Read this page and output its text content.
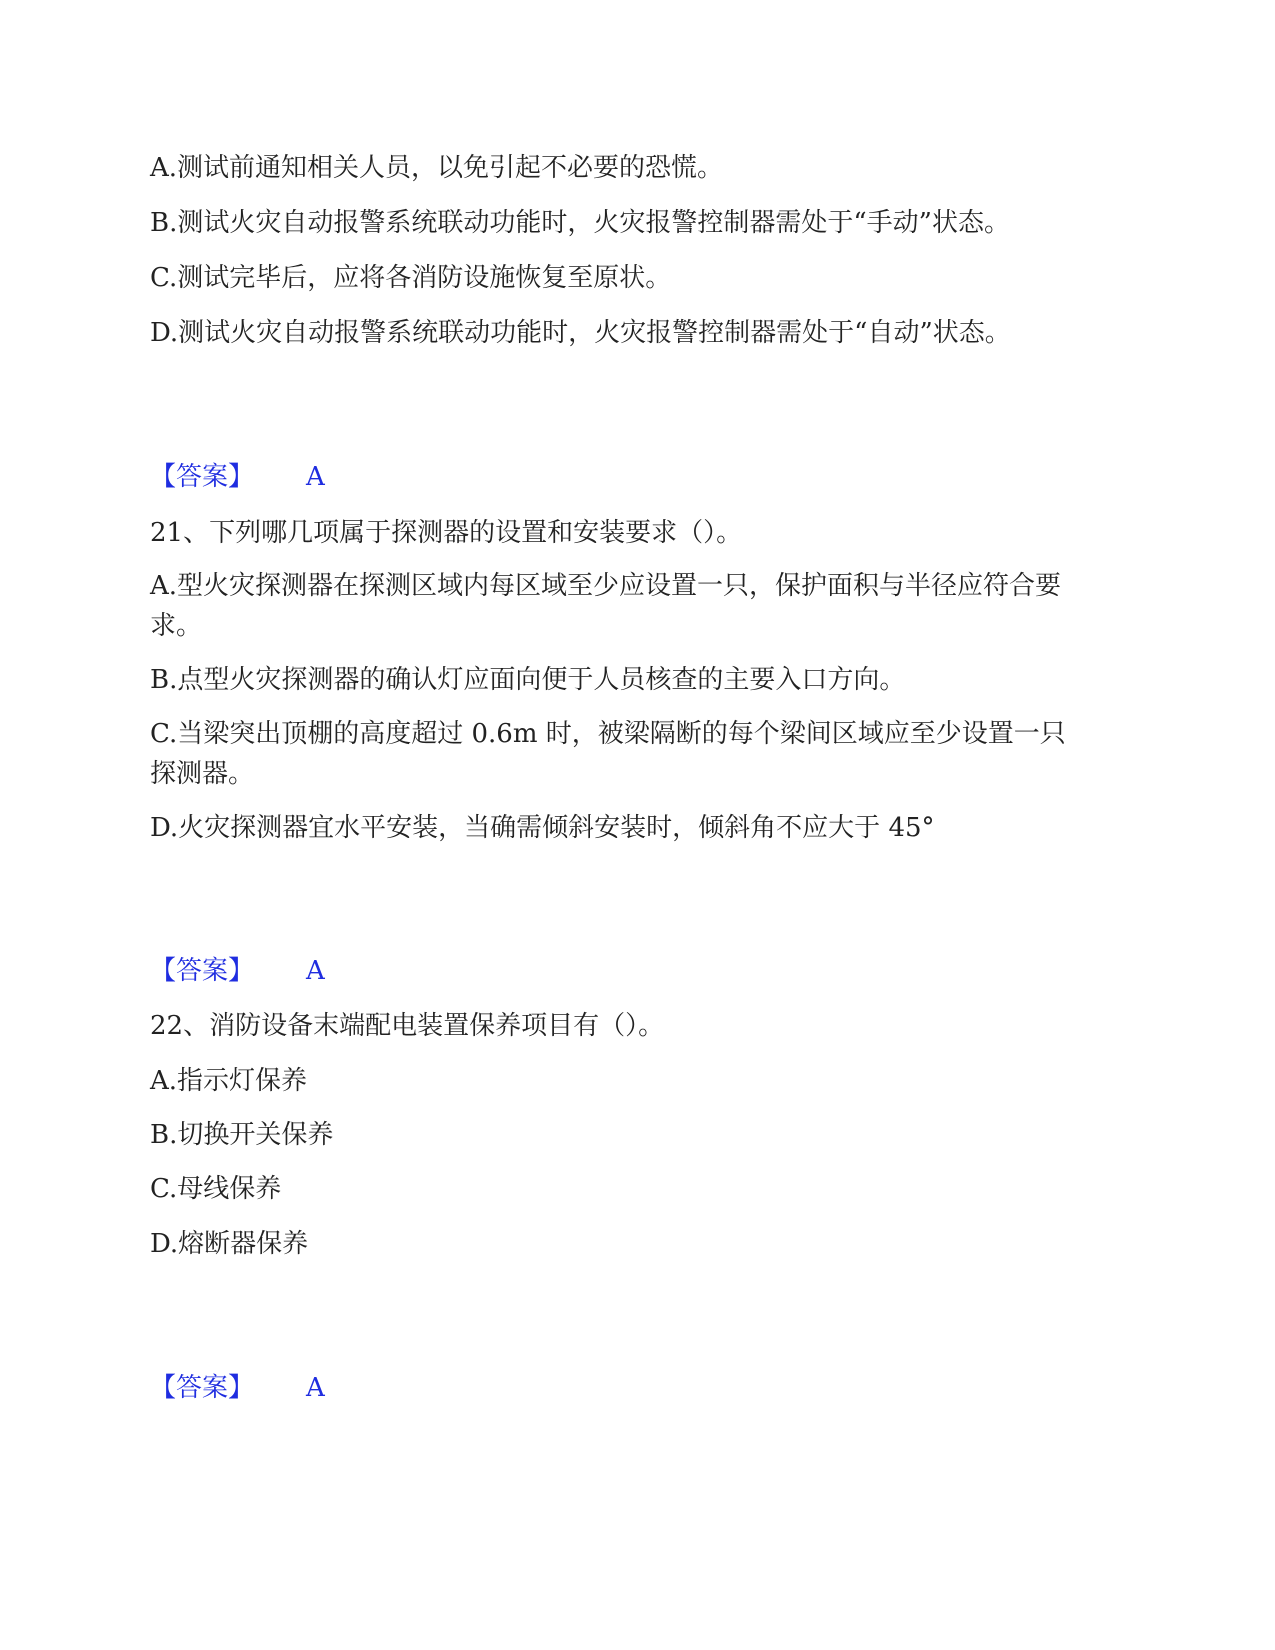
A.测试前通知相关人员，以免引起不必要的恐慌。
B.测试火灾自动报警系统联动功能时，火灾报警控制器需处于“手动”状态。
C.测试完毕后，应将各消防设施恢复至原状。
D.测试火灾自动报警系统联动功能时，火灾报警控制器需处于“自动”状态。
【答案】 A
21、下列哪几项属于探测器的设置和安装要求（）。
A.型火灾探测器在探测区域内每区域至少应设置一只，保护面积与半径应符合要求。
B.点型火灾探测器的确认灯应面向便于人员核查的主要入口方向。
C.当梁突出顶棚的高度超过 0.6m 时，被梁隔断的每个梁间区域应至少设置一只探测器。
D.火灾探测器宜水平安装，当确需倾斜安装时，倾斜角不应大于 45°
【答案】 A
22、消防设备末端配电装置保养项目有（）。
A.指示灯保养
B.切换开关保养
C.母线保养
D.熔断器保养
【答案】 A
